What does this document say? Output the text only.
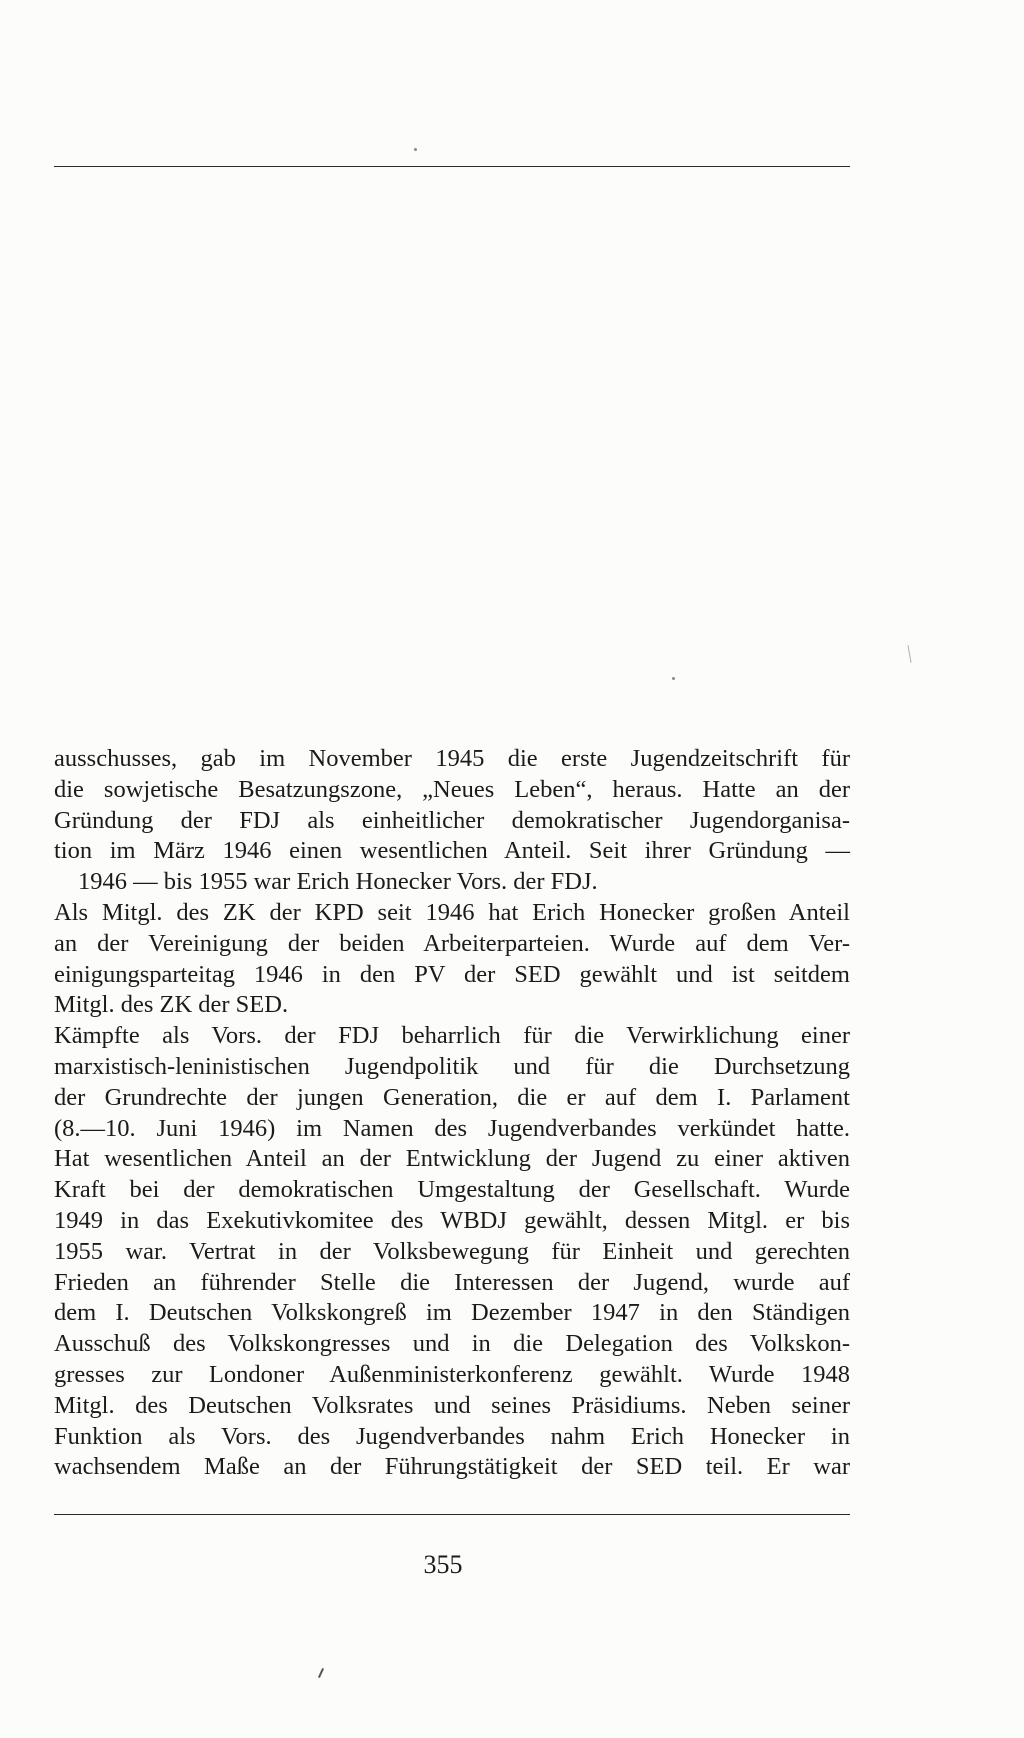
ausschusses, gab im November 1945 die erste Jugendzeitschrift für
die sowjetische Besatzungszone, „Neues Leben“, heraus. Hatte an der
Gründung der FDJ als einheitlicher demokratischer Jugendorganisa-
tion im März 1946 einen wesentlichen Anteil. Seit ihrer Gründung —
1946 — bis 1955 war Erich Honecker Vors. der FDJ.
Als Mitgl. des ZK der KPD seit 1946 hat Erich Honecker großen Anteil
an der Vereinigung der beiden Arbeiterparteien. Wurde auf dem Ver-
einigungsparteitag 1946 in den PV der SED gewählt und ist seitdem
Mitgl. des ZK der SED.
Kämpfte als Vors. der FDJ beharrlich für die Verwirklichung einer
marxistisch-leninistischen Jugendpolitik und für die Durchsetzung
der Grundrechte der jungen Generation, die er auf dem I. Parlament
(8.—10. Juni 1946) im Namen des Jugendverbandes verkündet hatte.
Hat wesentlichen Anteil an der Entwicklung der Jugend zu einer aktiven
Kraft bei der demokratischen Umgestaltung der Gesellschaft. Wurde
1949 in das Exekutivkomitee des WBDJ gewählt, dessen Mitgl. er bis
1955 war. Vertrat in der Volksbewegung für Einheit und gerechten
Frieden an führender Stelle die Interessen der Jugend, wurde auf
dem I. Deutschen Volkskongreß im Dezember 1947 in den Ständigen
Ausschuß des Volkskongresses und in die Delegation des Volkskon-
gresses zur Londoner Außenministerkonferenz gewählt. Wurde 1948
Mitgl. des Deutschen Volksrates und seines Präsidiums. Neben seiner
Funktion als Vors. des Jugendverbandes nahm Erich Honecker in
wachsendem Maße an der Führungstätigkeit der SED teil. Er war
355
